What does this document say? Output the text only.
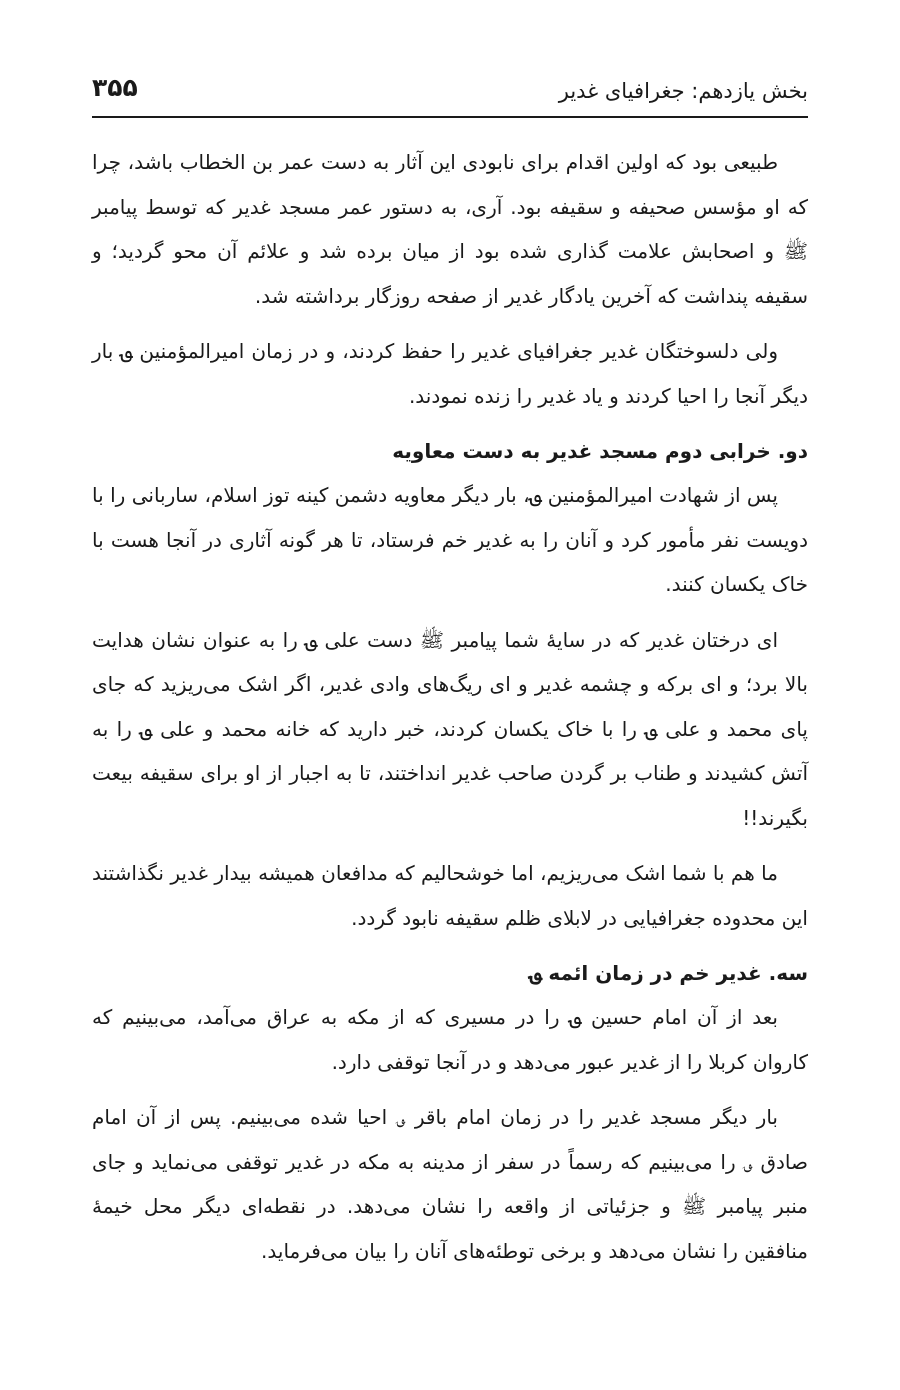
بخش یازدهم: جغرافیای غدیر
۳۵۵

طبیعی بود که اولین اقدام برای نابودی این آثار به دست عمر بن الخطاب باشد، چرا که او مؤسس صحیفه و سقیفه بود. آری، به دستور عمر مسجد غدیر که توسط پیامبر ﷺ و اصحابش علامت گذاری شده بود از میان برده شد و علائم آن محو گردید؛ و سقیفه پنداشت که آخرین یادگار غدیر از صفحه روزگار برداشته شد.

ولی دلسوختگان غدیر جغرافیای غدیر را حفظ کردند، و در زمان امیرالمؤمنین ؈ بار دیگر آنجا را احیا کردند و یاد غدیر را زنده نمودند.

دو. خرابی دوم مسجد غدیر به دست معاویه

پس از شهادت امیرالمؤمنین ؈، بار دیگر معاویه دشمن کینه توز اسلام، ساربانی را با دویست نفر مأمور کرد و آنان را به غدیر خم فرستاد، تا هر گونه آثاری در آنجا هست با خاک یکسان کنند.

ای درختان غدیر که در سایهٔ شما پیامبر ﷺ دست علی ؈ را به عنوان نشان هدایت بالا برد؛ و ای برکه و چشمه غدیر و ای ریگ‌های وادی غدیر، اگر اشک می‌ریزید که جای پای محمد و علی ؈ را با خاک یکسان کردند، خبر دارید که خانه محمد و علی ؈ را به آتش کشیدند و طناب بر گردن صاحب غدیر انداختند، تا به اجبار از او برای سقیفه بیعت بگیرند!!

ما هم با شما اشک می‌ریزیم، اما خوشحالیم که مدافعان همیشه بیدار غدیر نگذاشتند این محدوده جغرافیایی در لابلای ظلم سقیفه نابود گردد.

سه. غدیر خم در زمان ائمه ؈

بعد از آن امام حسین ؈ را در مسیری که از مکه به عراق می‌آمد، می‌بینیم که کاروان کربلا را از غدیر عبور می‌دهد و در آنجا توقفی دارد.

بار دیگر مسجد غدیر را در زمان امام باقر ؈ احیا شده می‌بینیم. پس از آن امام صادق ؈ را می‌بینیم که رسماً در سفر از مدینه به مکه در غدیر توقفی می‌نماید و جای منبر پیامبر ﷺ و جزئیاتی از واقعه را نشان می‌دهد. در نقطه‌ای دیگر محل خیمهٔ منافقین را نشان می‌دهد و برخی توطئه‌های آنان را بیان می‌فرماید.
